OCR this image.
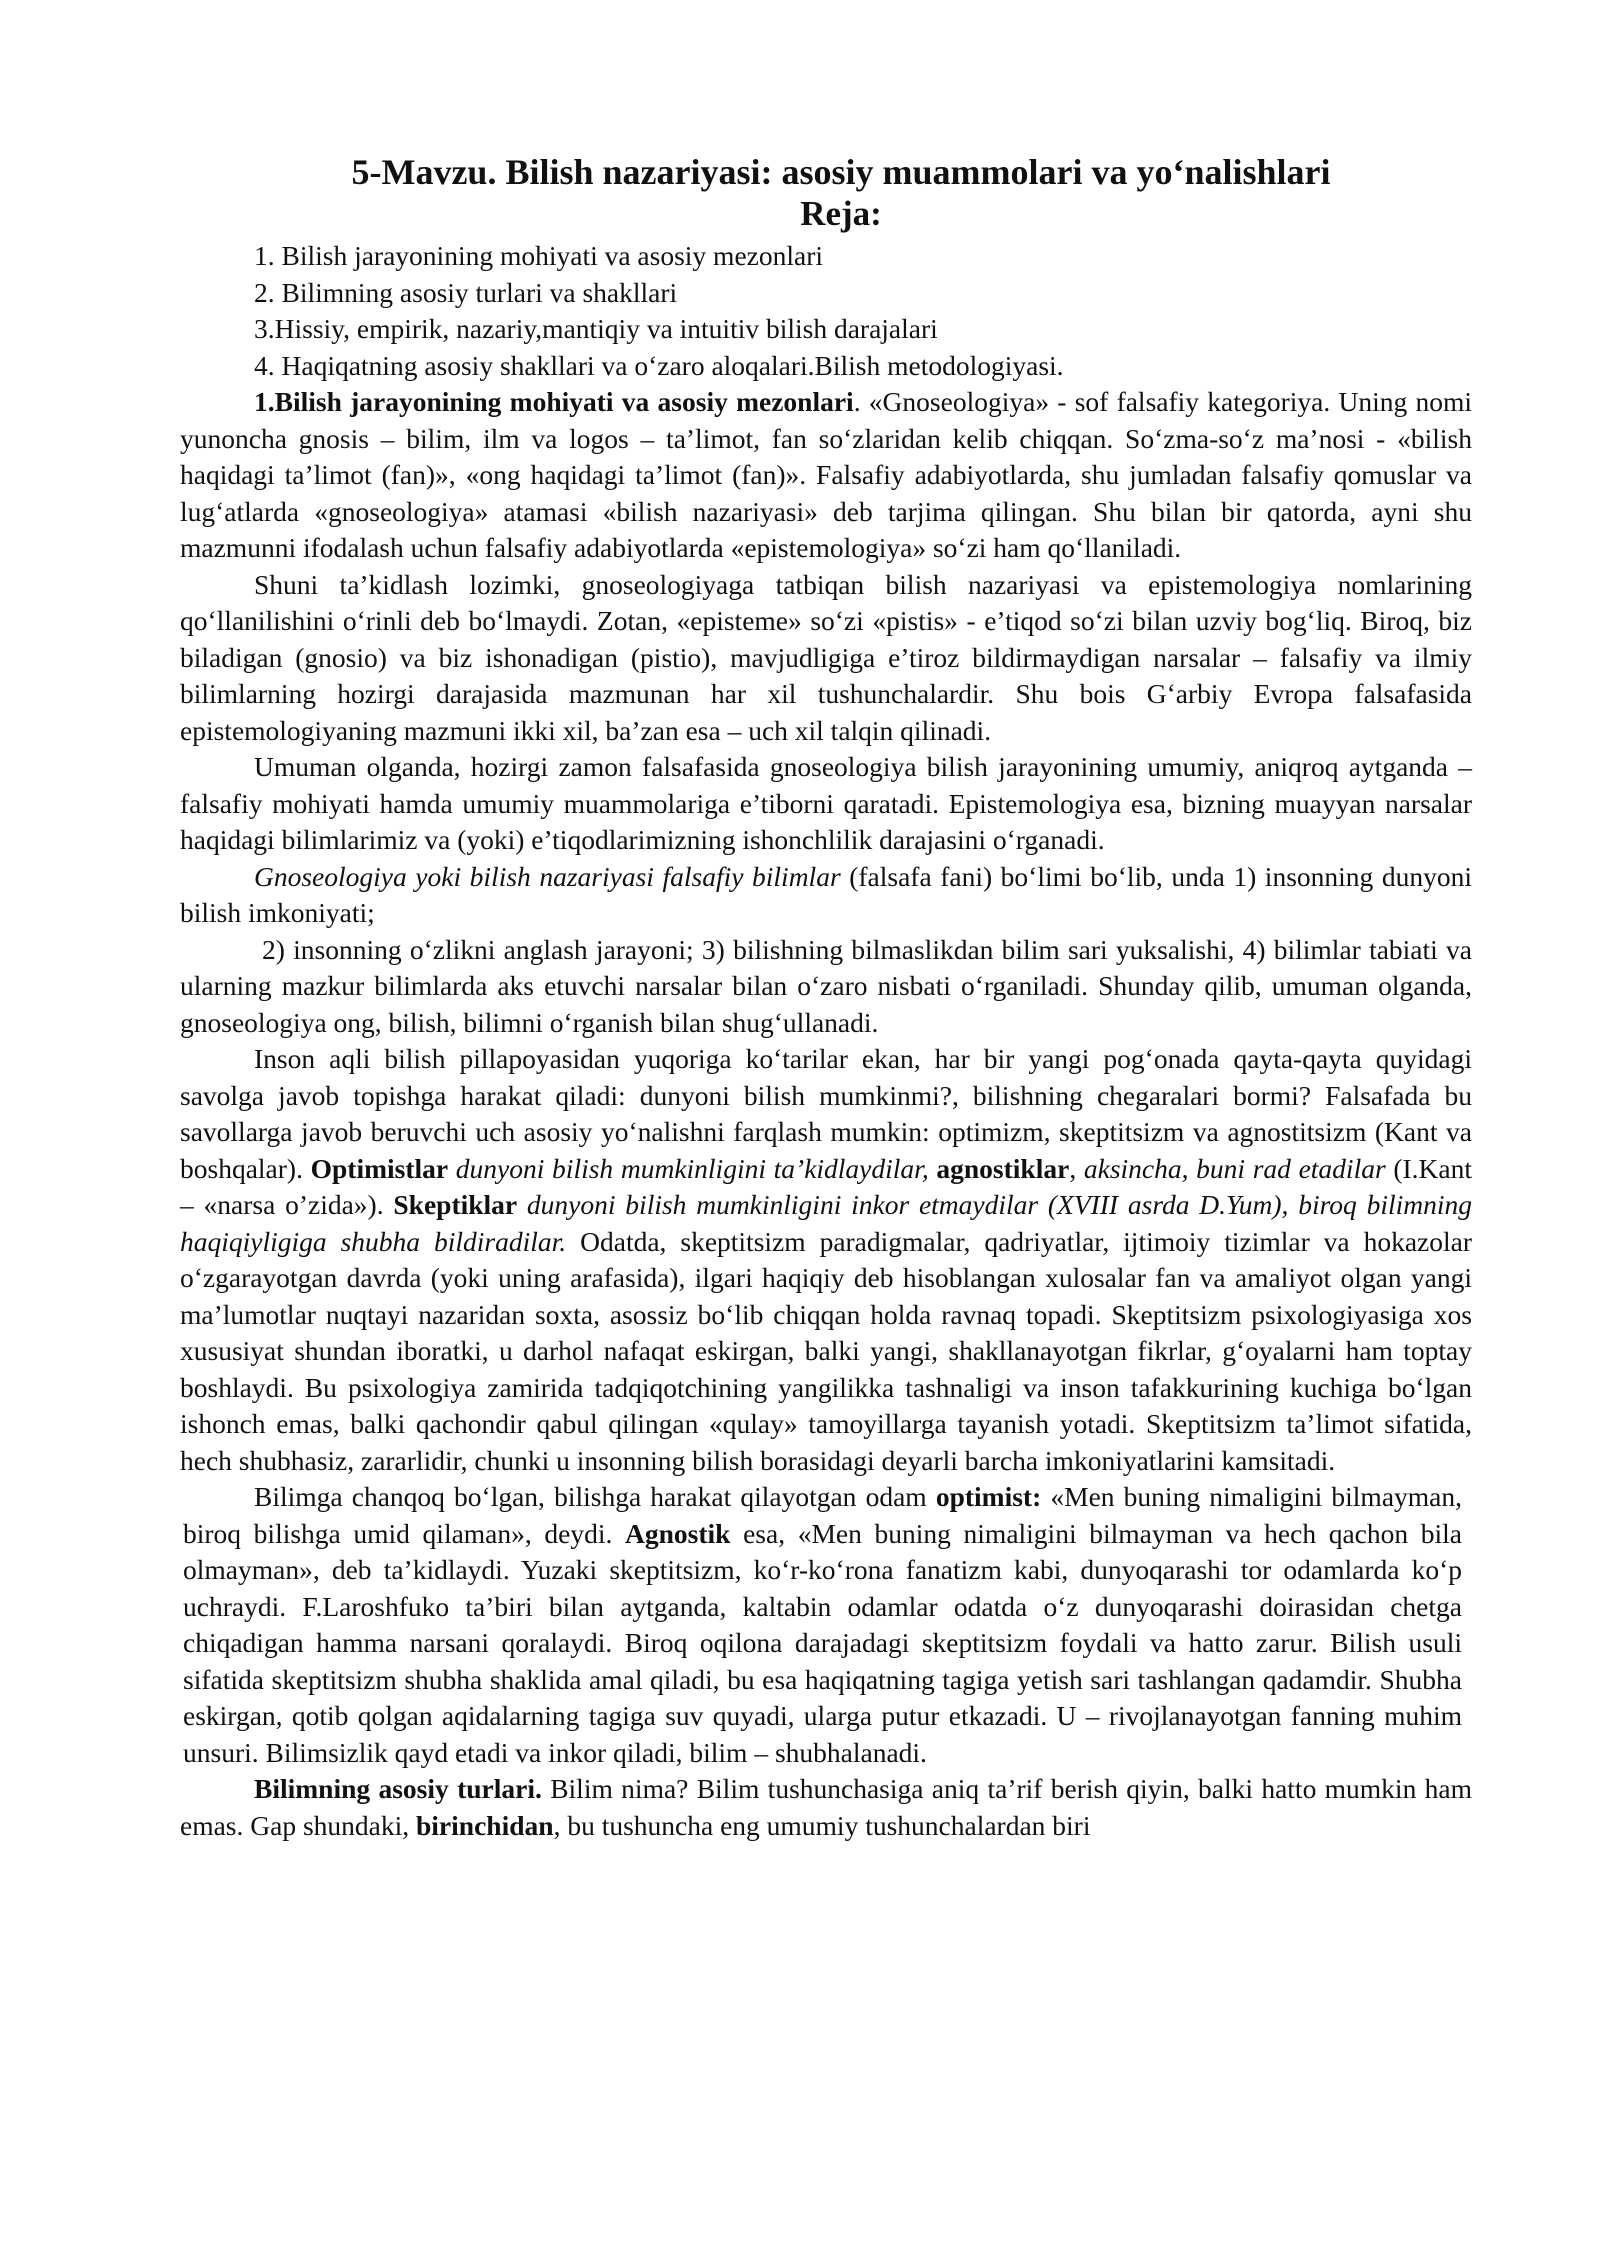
5-Mavzu. Bilish nazariyasi: asosiy muammolari va yo‘nalishlari
Reja:
1. Bilish jarayonining mohiyati va asosiy mezonlari
2. Bilimning asosiy turlari va shakllari
3.Hissiy, empirik, nazariy,mantiqiy va intuitiv bilish darajalari
4. Haqiqatning asosiy shakllari va o‘zaro aloqalari.Bilish metodologiyasi.

1.Bilish jarayonining mohiyati va asosiy mezonlari. «Gnoseologiya» - sof falsafiy kategoriya. Uning nomi yunoncha gnosis – bilim, ilm va logos – ta’limot, fan so‘zlaridan kelib chiqqan. So‘zma-so‘z ma’nosi - «bilish haqidagi ta’limot (fan)», «ong haqidagi ta’limot (fan)». Falsafiy adabiyotlarda, shu jumladan falsafiy qomuslar va lug‘atlarda «gnoseologiya» atamasi «bilish nazariyasi» deb tarjima qilingan. Shu bilan bir qatorda, ayni shu mazmunni ifodalash uchun falsafiy adabiyotlarda «epistemologiya» so‘zi ham qo‘llaniladi.

Shuni ta’kidlash lozimki, gnoseologiyaga tatbiqan bilish nazariyasi va epistemologiya nomlarining qo‘llanilishini o‘rinli deb bo‘lmaydi. Zotan, «episteme» so‘zi «pistis» - e’tiqod so‘zi bilan uzviy bog‘liq. Biroq, biz biladigan (gnosio) va biz ishonadigan (pistio), mavjudligiga e’tiroz bildirmaydigan narsalar – falsafiy va ilmiy bilimlarning hozirgi darajasida mazmunan har xil tushunchalardir. Shu bois G‘arbiy Evropa falsafasida epistemologiyaning mazmuni ikki xil, ba’zan esa – uch xil talqin qilinadi.

Umuman olganda, hozirgi zamon falsafasida gnoseologiya bilish jarayonining umumiy, aniqroq aytganda – falsafiy mohiyati hamda umumiy muammolariga e’tiborni qaratadi. Epistemologiya esa, bizning muayyan narsalar haqidagi bilimlarimiz va (yoki) e’tiqodlarimizning ishonchlilik darajasini o‘rganadi.

Gnoseologiya yoki bilish nazariyasi falsafiy bilimlar (falsafa fani) bo‘limi bo‘lib, unda 1) insonning dunyoni bilish imkoniyati;

2) insonning o‘zlikni anglash jarayoni; 3) bilishning bilmaslikdan bilim sari yuksalishi, 4) bilimlar tabiati va ularning mazkur bilimlarda aks etuvchi narsalar bilan o‘zaro nisbati o‘rganiladi. Shunday qilib, umuman olganda, gnoseologiya ong, bilish, bilimni o‘rganish bilan shug‘ullanadi.

Inson aqli bilish pillapoyasidan yuqoriga ko‘tarilar ekan, har bir yangi pog‘onada qayta-qayta quyidagi savolga javob topishga harakat qiladi: dunyoni bilish mumkinmi?, bilishning chegaralari bormi? Falsafada bu savollarga javob beruvchi uch asosiy yo‘nalishni farqlash mumkin: optimizm, skeptitsizm va agnostitsizm (Kant va boshqalar). Optimistlar dunyoni bilish mumkinligini ta’kidlaydilar, agnostiklar, aksincha, buni rad etadilar (I.Kant – «narsa o’zida»). Skeptiklar dunyoni bilish mumkinligini inkor etmaydilar (XVIII asrda D.Yum), biroq bilimning haqiqiyligiga shubha bildiradilar. Odatda, skeptitsizm paradigmalar, qadriyatlar, ijtimoiy tizimlar va hokazolar o‘zgarayotgan davrda (yoki uning arafasida), ilgari haqiqiy deb hisoblangan xulosalar fan va amaliyot olgan yangi ma’lumotlar nuqtayi nazaridan soxta, asossiz bo‘lib chiqqan holda ravnaq topadi. Skeptitsizm psixologiyasiga xos xususiyat shundan iboratki, u darhol nafaqat eskirgan, balki yangi, shakllanayotgan fikrlar, g‘oyalarni ham toptay boshlaydi. Bu psixologiya zamirida tadqiqotchining yangilikka tashnaligi va inson tafakkurining kuchiga bo‘lgan ishonch emas, balki qachondir qabul qilingan «qulay» tamoyillarga tayanish yotadi. Skeptitsizm ta’limot sifatida, hech shubhasiz, zararlidir, chunki u insonning bilish borasidagi deyarli barcha imkoniyatlarini kamsitadi.

Bilimga chanqoq bo‘lgan, bilishga harakat qilayotgan odam optimist: «Men buning nimaligini bilmayman, biroq bilishga umid qilaman», deydi. Agnostik esa, «Men buning nimaligini bilmayman va hech qachon bila olmayman», deb ta’kidlaydi. Yuzaki skeptitsizm, ko‘r-ko‘rona fanatizm kabi, dunyoqarashi tor odamlarda ko‘p uchraydi. F.Laroshfuko ta’biri bilan aytganda, kaltabin odamlar odatda o‘z dunyoqarashi doirasidan chetga chiqadigan hamma narsani qoralaydi. Biroq oqilona darajadagi skeptitsizm foydali va hatto zarur. Bilish usuli sifatida skeptitsizm shubha shaklida amal qiladi, bu esa haqiqatning tagiga yetish sari tashlangan qadamdir. Shubha eskirgan, qotib qolgan aqidalarning tagiga suv quyadi, ularga putur etkazadi. U – rivojlanayotgan fanning muhim unsuri. Bilimsizlik qayd etadi va inkor qiladi, bilim – shubhalanadi.

Bilimning asosiy turlari. Bilim nima? Bilim tushunchasiga aniq ta’rif berish qiyin, balki hatto mumkin ham emas. Gap shundaki, birinchidan, bu tushuncha eng umumiy tushunchalardan biri
